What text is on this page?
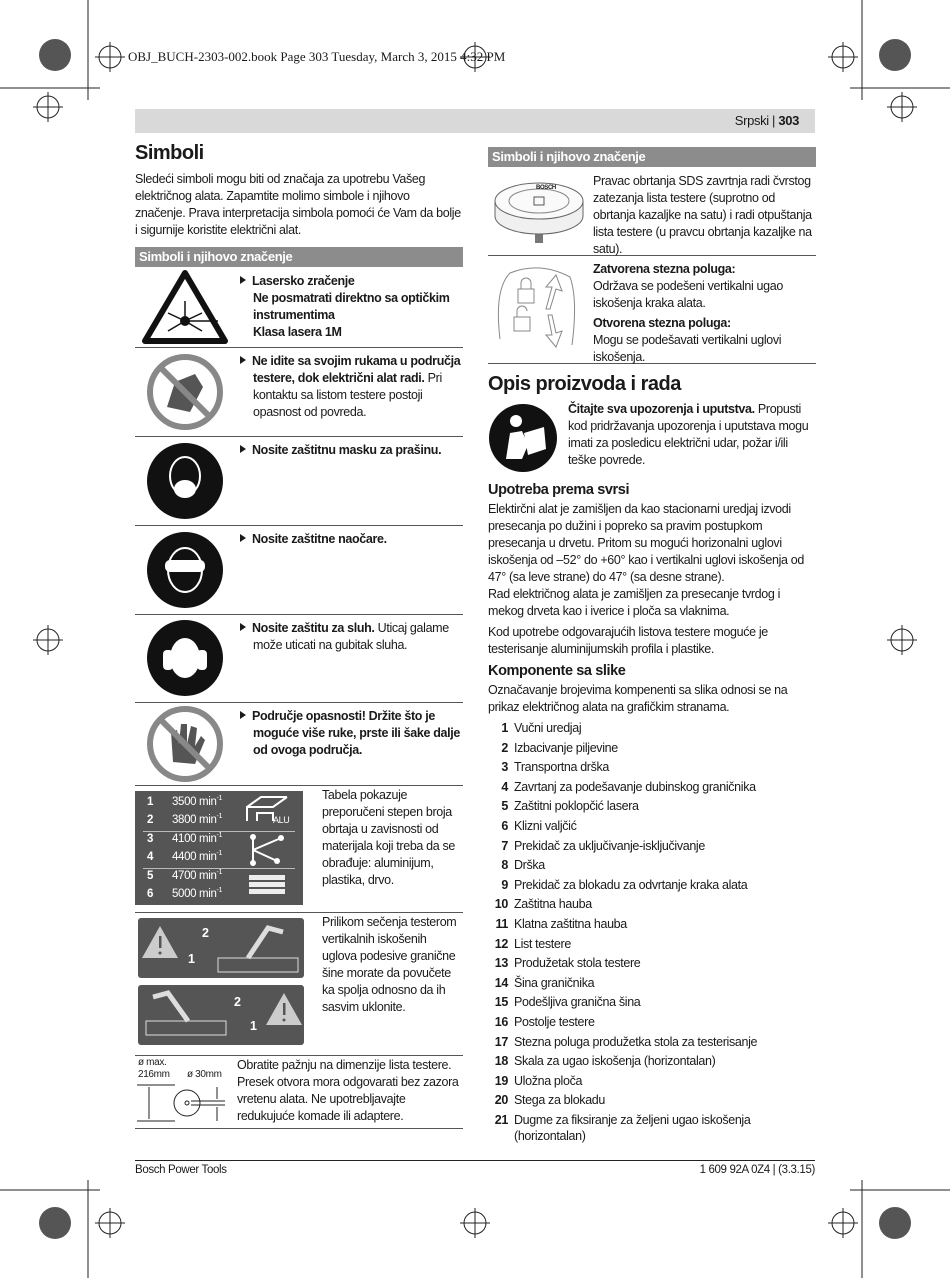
OBJ_BUCH-2303-002.book Page 303 Tuesday, March 3, 2015 4:32 PM
Srpski | 303
Simboli

Sledeći simboli mogu biti od značaja za upotrebu Vašeg električnog alata. Zapamtite molimo simbole i njihovo značenje. Prava interpretacija simbola pomoći će Vam da bolje i sigurnije koristite električni alat.

Simboli i njihovo značenje
Lasersko zračenje
Ne posmatrati direktno sa optičkim instrumentima
Klasa lasera 1M
Ne idite sa svojim rukama u područja testere, dok električni alat radi. Pri kontaktu sa listom testere postoji opasnost od povreda.
Nosite zaštitnu masku za prašinu.
Nosite zaštitne naočare.
Nosite zaštitu za sluh. Uticaj galame može uticati na gubitak sluha.
Područje opasnosti! Držite što je moguće više ruke, prste ili šake dalje od ovoga područja.
1 3500 $\min^{-1}$
2 3800 $\min^{-1}$
3 4100 $\min^{-1}$
4 4400 $\min^{-1}$
5 4700 $\min^{-1}$
6 5000 $\min^{-1}$
ALU
Tabela pokazuje preporučeni stepen broja obrtaja u zavisnosti od materijala koji treba da se obrađuje: aluminijum, plastika, drvo.
2
1
2
1
Prilikom sečenja testerom vertikalnih iskošenih uglova podesive granične šine morate da povučete ka spolja odnosno da ih sasvim uklonite.
ø max.
216mm ø 30mm
Obratite pažnju na dimenzije lista testere. Presek otvora mora odgovarati bez zazora vretenu alata. Ne upotrebljavajte redukujuće komade ili adaptere.
Simboli i njihovo značenje
BOSCH	Pravac obrtanja SDS zavrtnja radi čvrstog zatezanja lista testere (suprotno od obrtanja kazaljke na satu) i radi otpuštanja lista testere (u pravcu obrtanja kazaljke na satu).
Zatvorena stezna poluga:
Održava se podešeni vertikalni ugao iskošenja kraka alata.
Otvorena stezna poluga:
Mogu se podešavati vertikalni uglovi iskošenja.
Opis proizvoda i rada

Čitajte sva upozorenja i uputstva. Propusti kod pridržavanja upozorenja i uputstava mogu imati za posledicu električni udar, požar i/ili teške povrede.

Upotreba prema svrsi

Elektirčni alat je zamišljen da kao stacionarni uredjaj izvodi presecanja po dužini i popreko sa pravim postupkom presecanja u drvetu. Pritom su mogući horizonalni uglovi iskošenja od –52° do +60° kao i vertikalni uglovi iskošenja od 47° (sa leve strane) do 47° (sa desne strane).

Rad električnog alata je zamišljen za presecanje tvrdog i mekog drveta kao i iverice i ploča sa vlaknima.

Kod upotrebe odgovarajućih listova testere moguće je testerisanje aluminijumskih profila i plastike.

Komponente sa slike

Označavanje brojevima kompenenti sa slika odnosi se na prikaz električnog alata na grafičkim stranama.

1 Vučni uredjaj
2 Izbacivanje piljevine
3 Transportna drška
4 Zavrtanj za podešavanje dubinskog graničnika
5 Zaštitni poklopčić lasera
6 Klizni valjčić
7 Prekidač za uključivanje-isključivanje
8 Drška
9 Prekidač za blokadu za odvrtanje kraka alata
10 Zaštitna hauba
11 Klatna zaštitna hauba
12 List testere
13 Produžetak stola testere
14 Šina graničnika
15 Podešljiva granična šina
16 Postolje testere
17 Stezna poluga produžetka stola za testerisanje
18 Skala za ugao iskošenja (horizontalan)
19 Uložna ploča
20 Stega za blokadu
21 Dugme za fiksiranje za željeni ugao iskošenja (horizontalan)
Bosch Power Tools	1 609 92A 0Z4 | (3.3.15)
